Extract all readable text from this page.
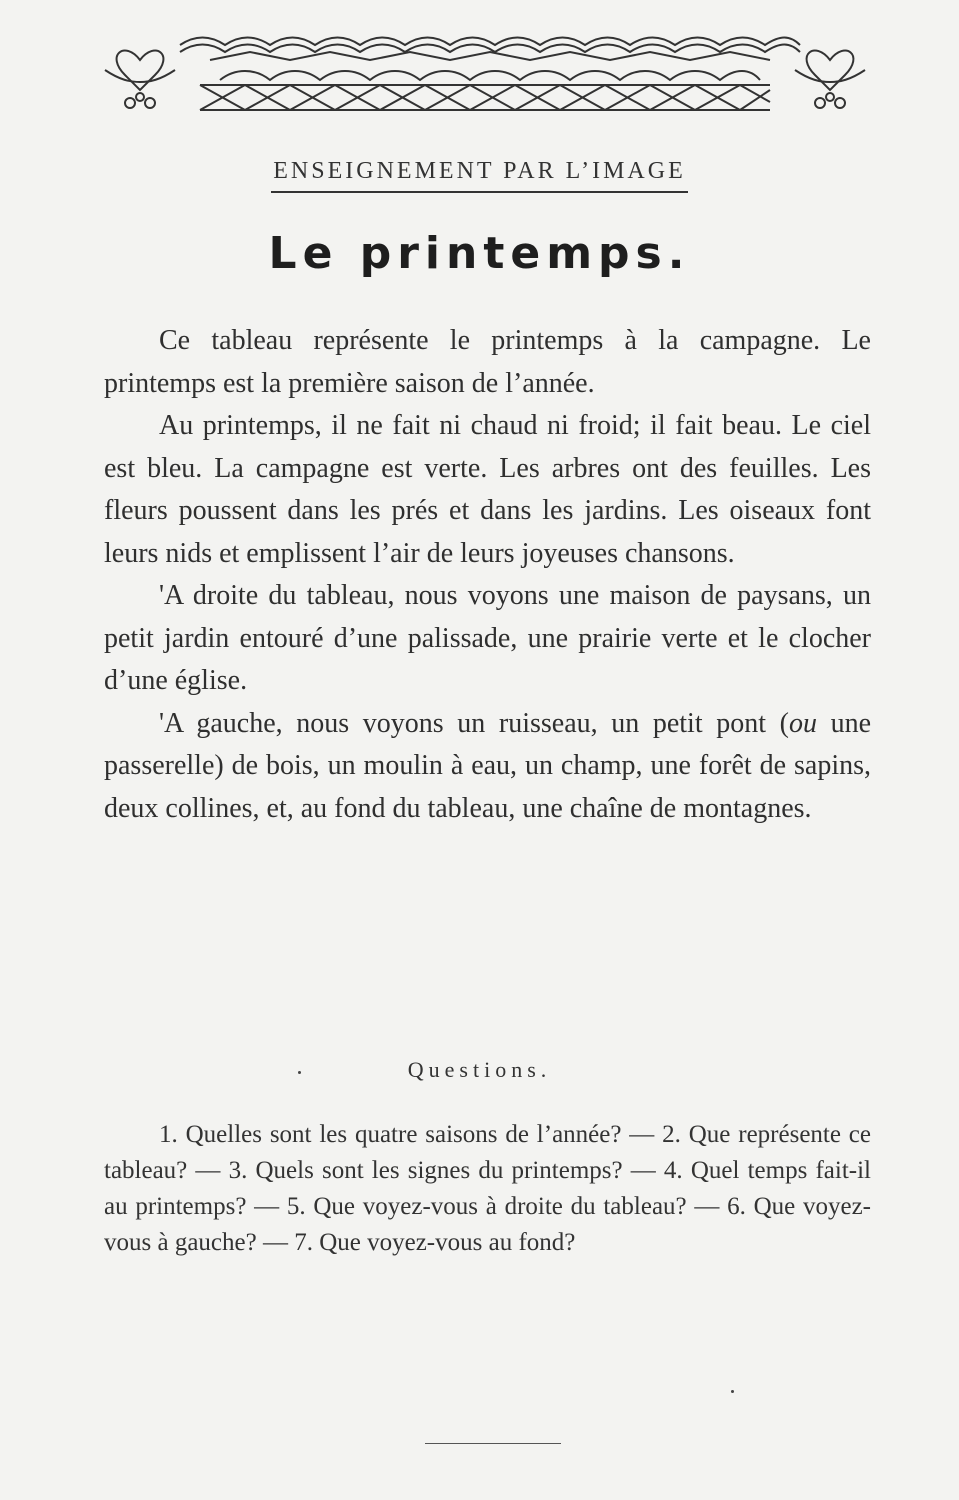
ENSEIGNEMENT PAR L’IMAGE
Le printemps.

Ce tableau représente le printemps à la campagne. Le printemps est la première saison de l’année.

Au printemps, il ne fait ni chaud ni froid; il fait beau. Le ciel est bleu. La campagne est verte. Les arbres ont des feuilles. Les fleurs poussent dans les prés et dans les jardins. Les oiseaux font leurs nids et emplissent l’air de leurs joyeuses chansons.

'A droite du tableau, nous voyons une maison de paysans, un petit jardin entouré d’une palissade, une prairie verte et le clocher d’une église.

'A gauche, nous voyons un ruisseau, un petit pont (ou une passerelle) de bois, un moulin à eau, un champ, une forêt de sapins, deux collines, et, au fond du tableau, une chaîne de montagnes.

Questions.

1. Quelles sont les quatre saisons de l’année? — 2. Que représente ce tableau? — 3. Quels sont les signes du printemps? — 4. Quel temps fait-il au printemps? — 5. Que voyez-vous à droite du tableau? — 6. Que voyez-vous à gauche? — 7. Que voyez-vous au fond?
